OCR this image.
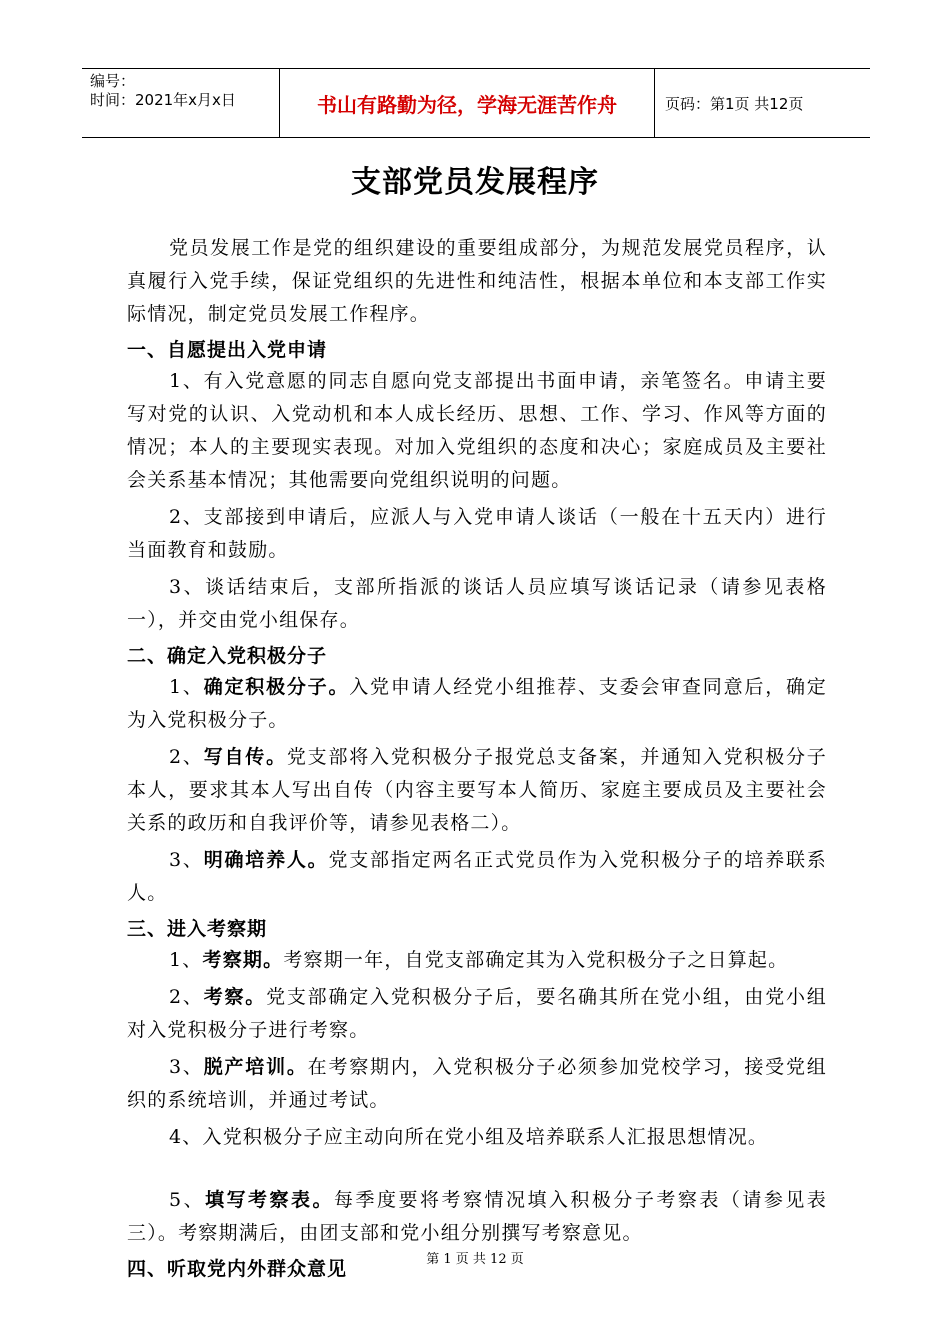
编号：
时间：2021年x月x日	书山有路勤为径，学海无涯苦作舟	页码：第1页 共12页
支部党员发展程序

党员发展工作是党的组织建设的重要组成部分，为规范发展党员程序，认真履行入党手续，保证党组织的先进性和纯洁性，根据本单位和本支部工作实际情况，制定党员发展工作程序。

一、自愿提出入党申请

1、有入党意愿的同志自愿向党支部提出书面申请，亲笔签名。申请主要写对党的认识、入党动机和本人成长经历、思想、工作、学习、作风等方面的情况；本人的主要现实表现。对加入党组织的态度和决心；家庭成员及主要社会关系基本情况；其他需要向党组织说明的问题。

2、支部接到申请后，应派人与入党申请人谈话（一般在十五天内）进行当面教育和鼓励。

3、谈话结束后，支部所指派的谈话人员应填写谈话记录（请参见表格一），并交由党小组保存。

二、确定入党积极分子

1、确定积极分子。入党申请人经党小组推荐、支委会审查同意后，确定为入党积极分子。

2、写自传。党支部将入党积极分子报党总支备案，并通知入党积极分子本人，要求其本人写出自传（内容主要写本人简历、家庭主要成员及主要社会关系的政历和自我评价等，请参见表格二）。

3、明确培养人。党支部指定两名正式党员作为入党积极分子的培养联系人。

三、进入考察期

1、考察期。考察期一年，自党支部确定其为入党积极分子之日算起。

2、考察。党支部确定入党积极分子后，要名确其所在党小组，由党小组对入党积极分子进行考察。

3、脱产培训。在考察期内，入党积极分子必须参加党校学习，接受党组织的系统培训，并通过考试。

4、入党积极分子应主动向所在党小组及培养联系人汇报思想情况。

5、填写考察表。每季度要将考察情况填入积极分子考察表（请参见表三）。考察期满后，由团支部和党小组分别撰写考察意见。

四、听取党内外群众意见	第 1 页 共 12 页
